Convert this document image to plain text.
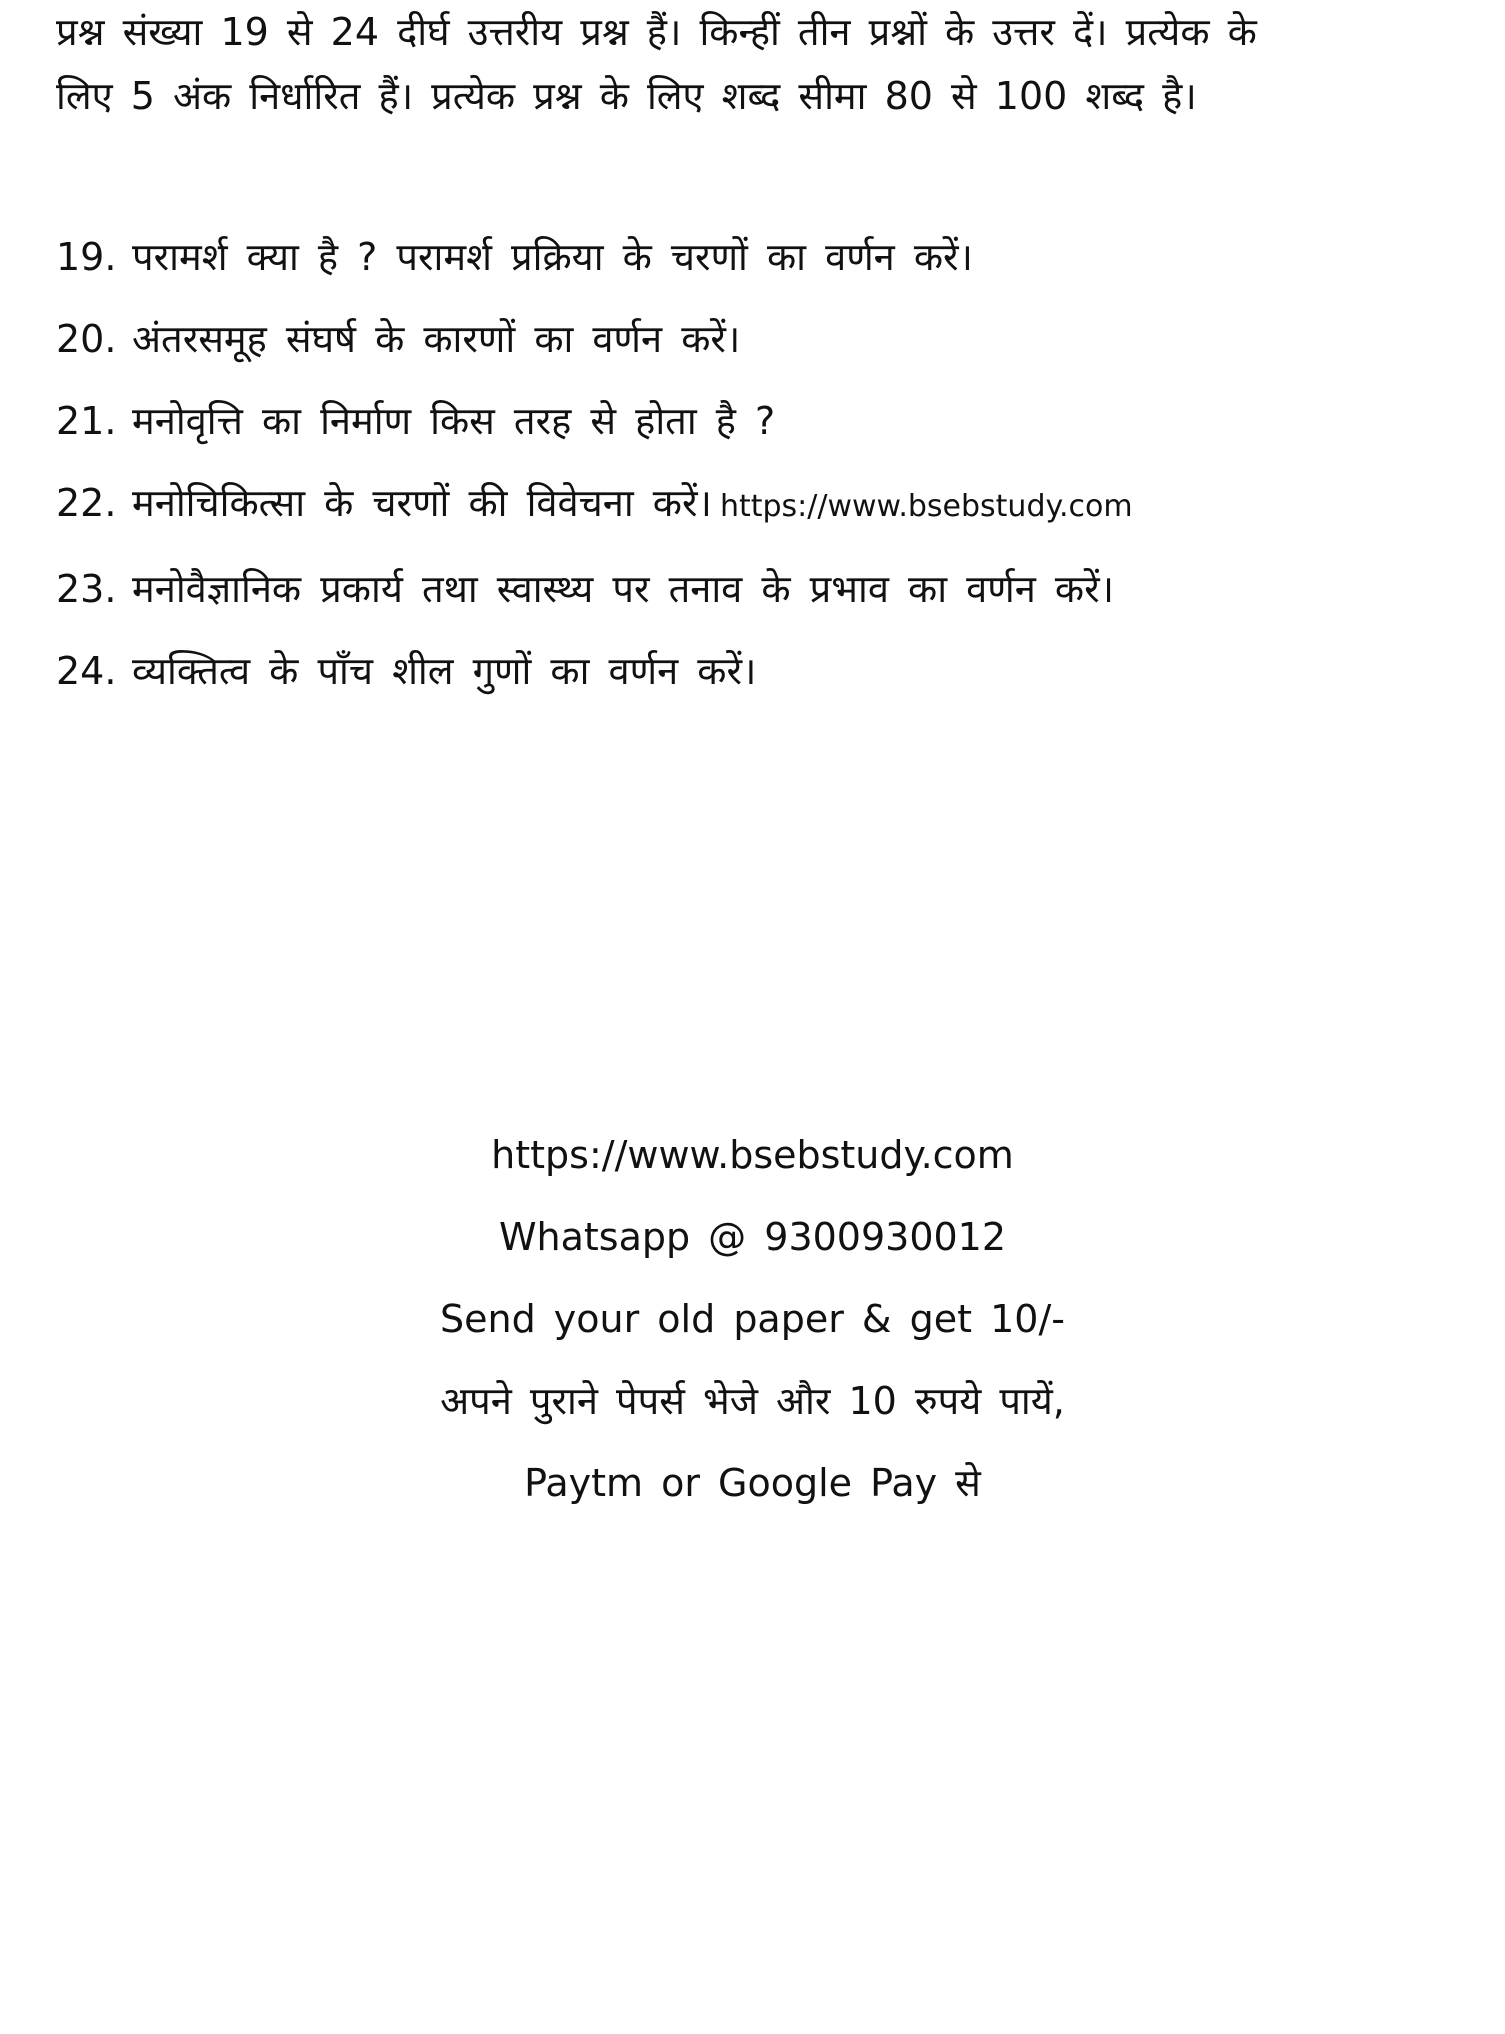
प्रश्न संख्या 19 से 24 दीर्घ उत्तरीय प्रश्न हैं। किन्हीं तीन प्रश्नों के उत्तर दें। प्रत्येक के
लिए 5 अंक निर्धारित हैं। प्रत्येक प्रश्न के लिए शब्द सीमा 80 से 100 शब्द है।
19. परामर्श क्या है ? परामर्श प्रक्रिया के चरणों का वर्णन करें।
20. अंतरसमूह संघर्ष के कारणों का वर्णन करें।
21. मनोवृत्ति का निर्माण किस तरह से होता है ?
22. मनोचिकित्सा के चरणों की विवेचना करें। https://www.bsebstudy.com
23. मनोवैज्ञानिक प्रकार्य तथा स्वास्थ्य पर तनाव के प्रभाव का वर्णन करें।
24. व्यक्तित्व के पाँच शील गुणों का वर्णन करें।
https://www.bsebstudy.com
Whatsapp @ 9300930012
Send your old paper & get 10/-
अपने पुराने पेपर्स भेजे और 10 रुपये पायें,
Paytm or Google Pay से
